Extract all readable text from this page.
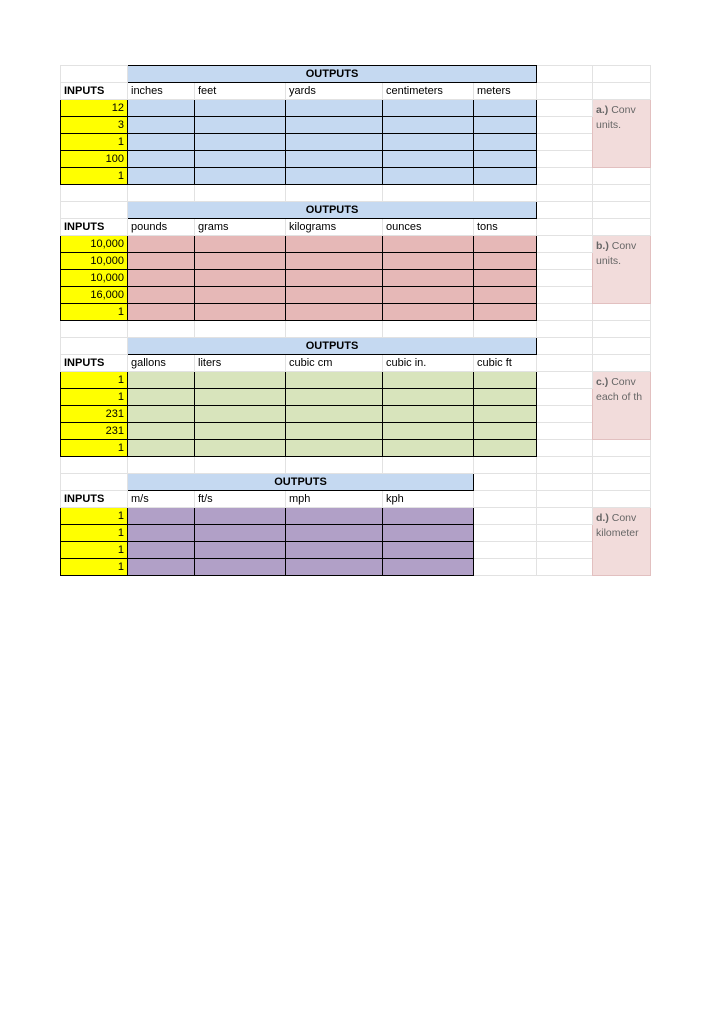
	OUTPUTS						
INPUTS	inches	feet	yards	centimeters	meters		
12							a.) Conv units.
3							
1							
100							
1							

	OUTPUTS						
INPUTS	pounds	grams	kilograms	ounces	tons		
10,000							b.) Conv units.
10,000							
10,000							
16,000							
1							

	OUTPUTS						
INPUTS	gallons	liters	cubic cm	cubic in.	cubic ft		
1							c.) Conv each of th
1							
231							
231							
1							

	OUTPUTS						
INPUTS	m/s	ft/s	mph	kph			
1							d.) Conv kilometer
1							
1							
1							
